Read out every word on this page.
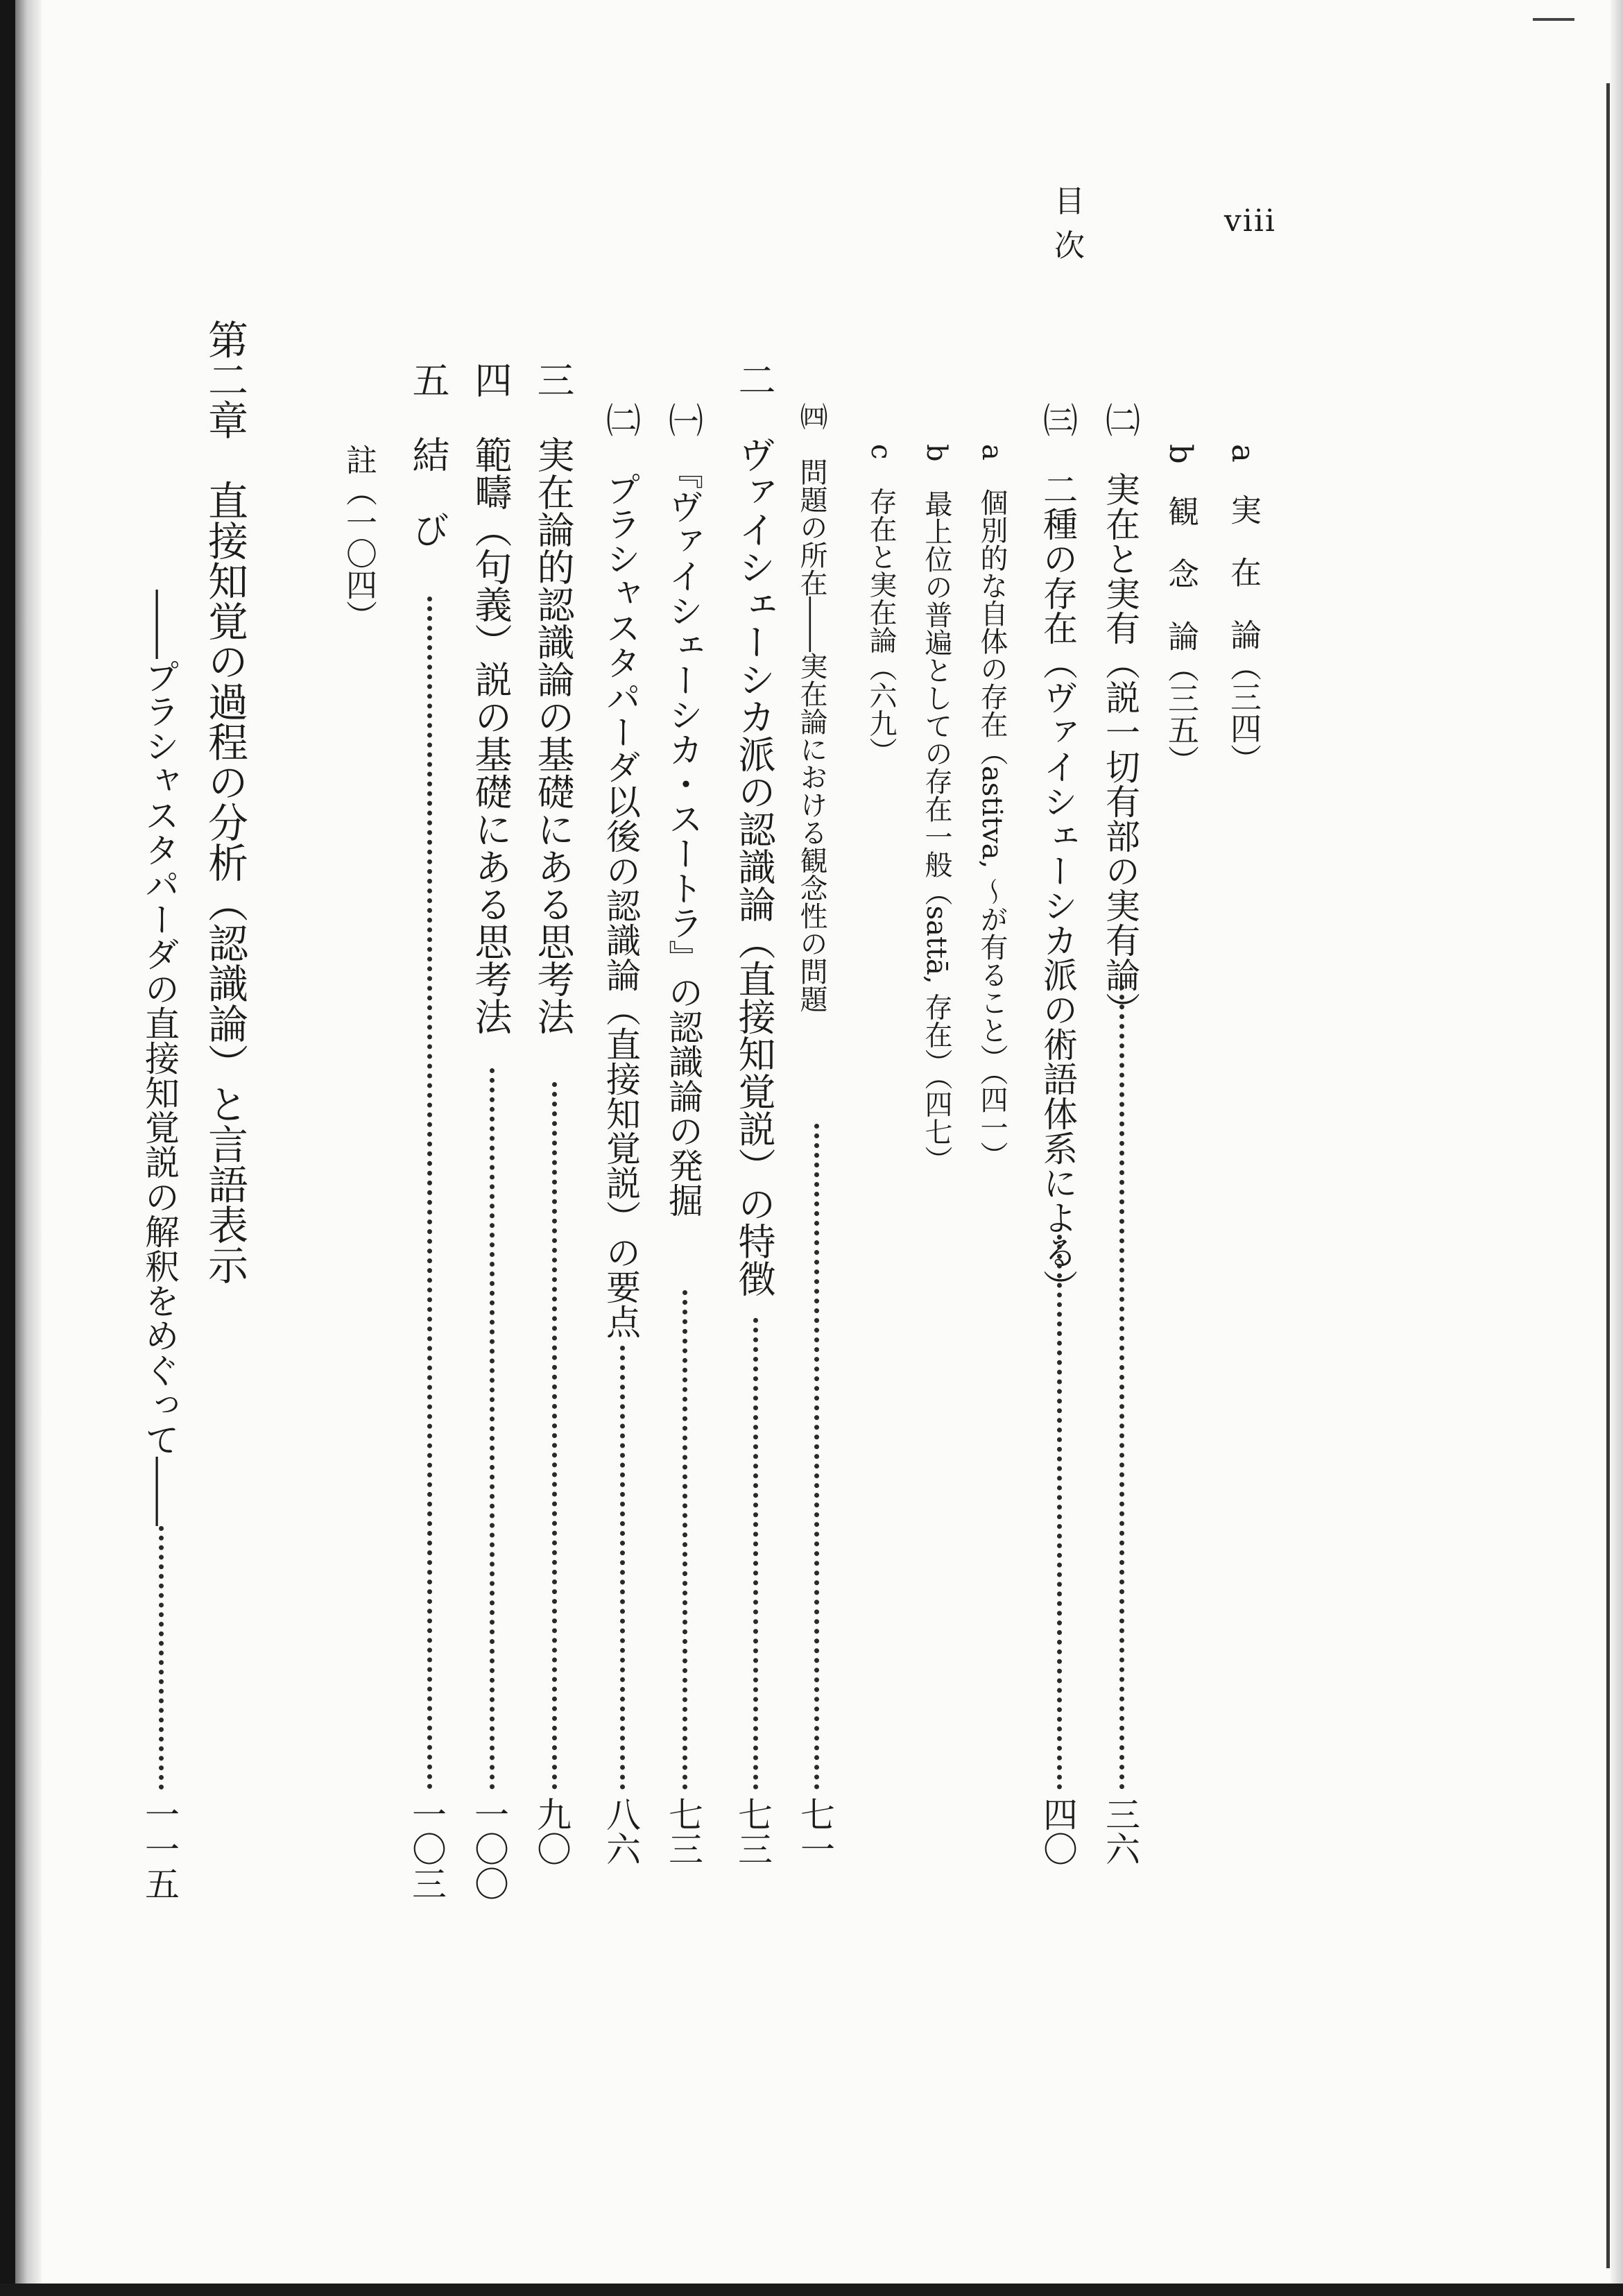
目 次
viii
a　実　在　論（三四）
b　観　念　論（三五）
㈡　実在と実有（説一切有部の実有論）
三六
㈢　二種の存在（ヴァイシェーシカ派の術語体系による）
四〇
a　個別的な自体の存在（astitva, ～が有ること）（四一）
b　最上位の普遍としての存在一般（sattā, 存在）（四七）
c　存在と実在論（六九）
㈣　問題の所在――実在論における観念性の問題
七一
二　ヴァイシェーシカ派の認識論（直接知覚説）の特徴
七三
㈠　『ヴァイシェーシカ・スートラ』の認識論の発掘
七三
㈡　プラシャスタパーダ以後の認識論（直接知覚説）の要点
八六
三　実在論的認識論の基礎にある思考法
九〇
四　範疇（句義）説の基礎にある思考法
一〇〇
五　結　び
一〇三
註（一〇四）
第二章　直接知覚の過程の分析（認識論）と言語表示
――プラシャスタパーダの直接知覚説の解釈をめぐって――
一一五
